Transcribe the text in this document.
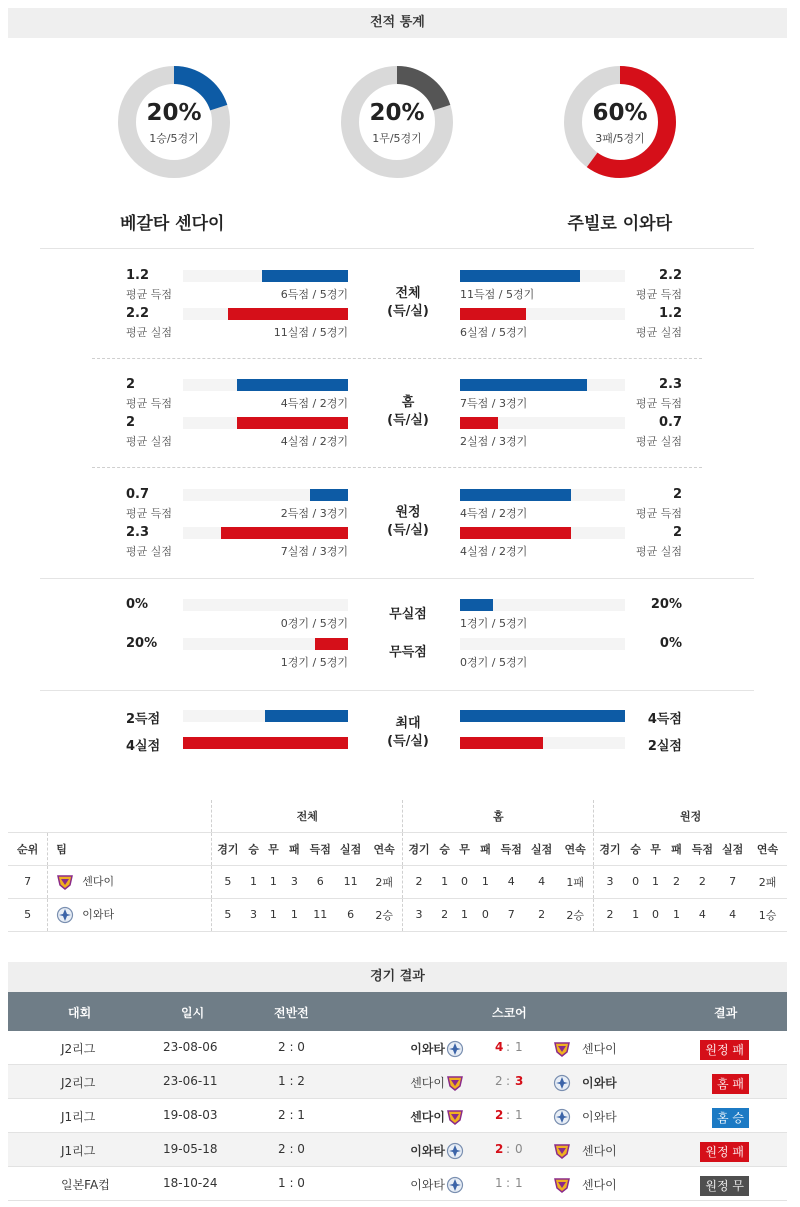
전적 통계
20%
1승/5경기
20%
1무/5경기
60%
3패/5경기
베갈타 센다이	주빌로 이와타
1.2
평균 득점	6득점 / 5경기
2.2
평균 득점
11득점 / 5경기
2.2
평균 실점	11실점 / 5경기
1.2
평균 실점
6실점 / 5경기
전체
(득/실)
2
평균 득점	4득점 / 2경기
2.3
평균 득점
7득점 / 3경기
2
평균 실점	4실점 / 2경기
0.7
평균 실점
2실점 / 3경기
홈
(득/실)
0.7
평균 득점	2득점 / 3경기
2
평균 득점
4득점 / 2경기
2.3
평균 실점	7실점 / 3경기
2
평균 실점
4실점 / 2경기
원정
(득/실)
0%
0경기 / 5경기
20%
1경기 / 5경기
20%
1경기 / 5경기
0%
0경기 / 5경기
무실점
무득점
2득점	4득점
4실점	2실점
최대
(득/실)
		전체							홈							원정						
순위	팀	경기	승	무	패	득점	실점	연속	경기	승	무	패	득점	실점	연속	경기	승	무	패	득점	실점	연속
7	센다이	5	1	1	3	6	11	2패	2	1	0	1	4	4	1패	3	0	1	2	2	7	2패
5	이와타	5	3	1	1	11	6	2승	3	2	1	0	7	2	2승	2	1	0	1	4	4	1승
경기 결과
대회	일시	전반전	스코어	결과
J2리그	23-08-06	2 : 0	이와타	4 : 1	센다이	원정 패
J2리그	23-06-11	1 : 2	센다이	2 : 3	이와타	홈 패
J1리그	19-08-03	2 : 1	센다이	2 : 1	이와타	홈 승
J1리그	19-05-18	2 : 0	이와타	2 : 0	센다이	원정 패
일본FA컵	18-10-24	1 : 0	이와타	1 : 1	센다이	원정 무
